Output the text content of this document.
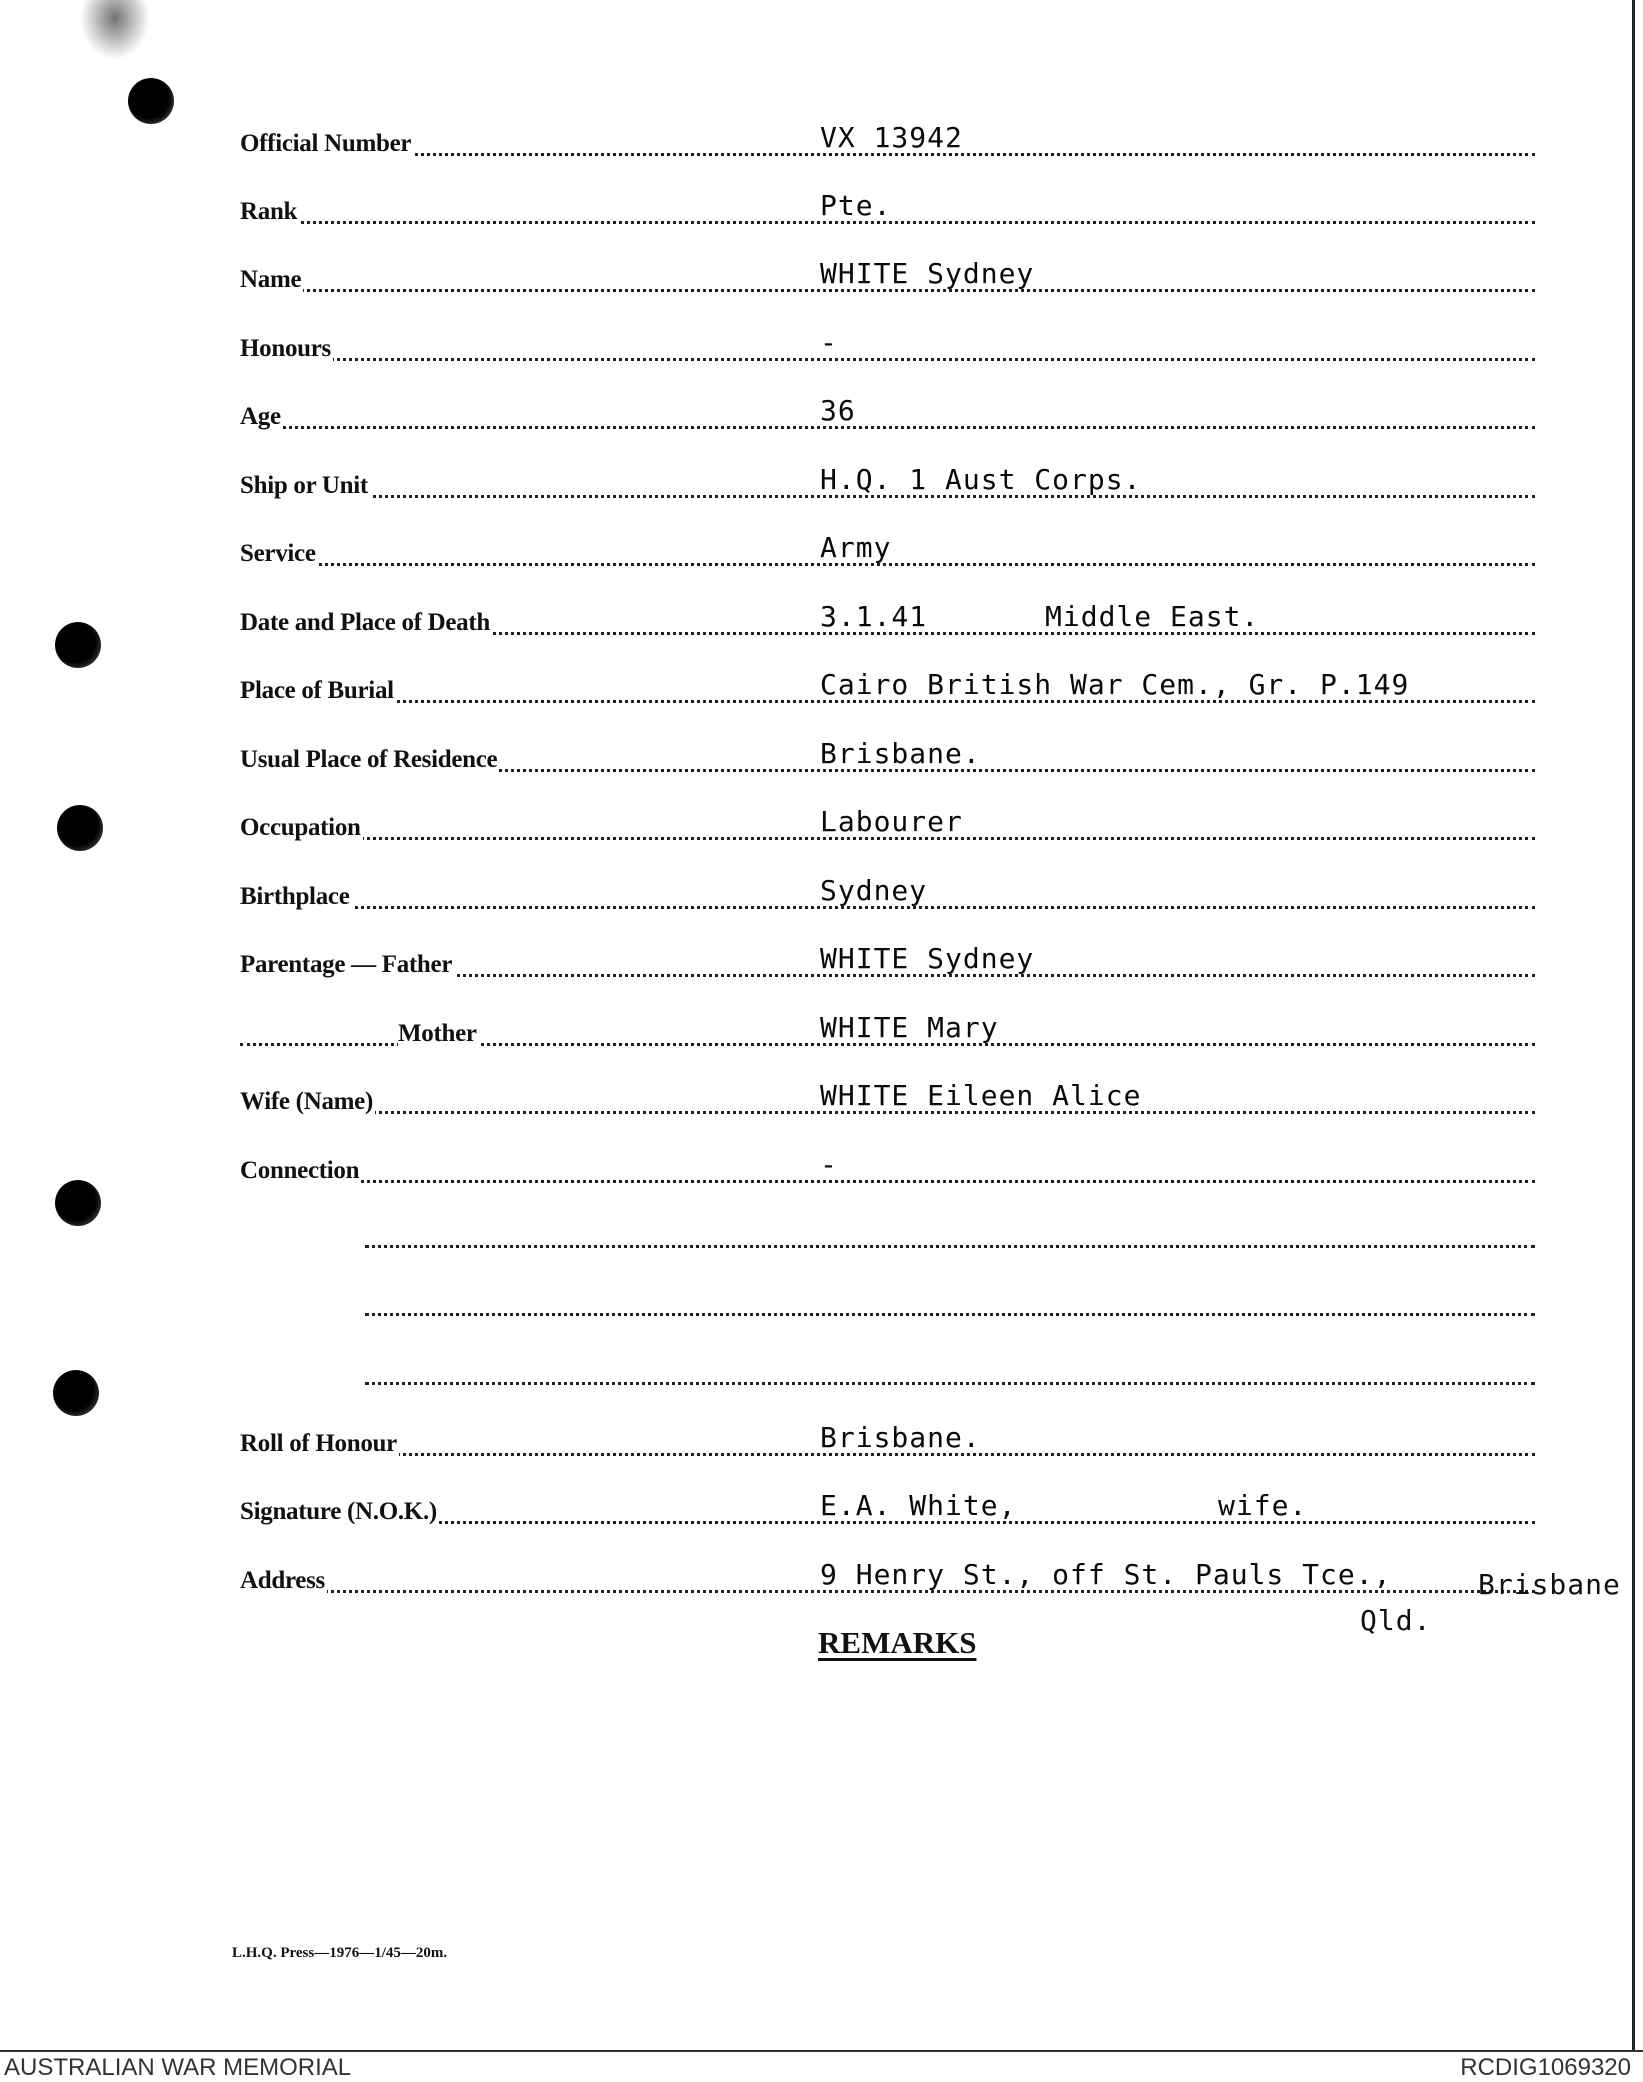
Official Number	VX 13942
Rank	Pte.
Name	WHITE Sydney
Honours	-
Age	36
Ship or Unit	H.Q. 1 Aust Corps.
Service	Army
Date and Place of Death	3.1.41	Middle East.
Place of Burial	Cairo British War Cem., Gr. P.149
Usual Place of Residence	Brisbane.
Occupation	Labourer
Birthplace	Sydney
Parentage — Father	WHITE Sydney
Mother	WHITE Mary
Wife (Name)	WHITE Eileen Alice
Connection	-
Roll of Honour	Brisbane.
Signature (N.O.K.)	E.A. White,	wife.
Address	9 Henry St., off St. Pauls Tce.,	Brisbane
Qld.
REMARKS
L.H.Q. Press—1976—1/45—20m.
AUSTRALIAN WAR MEMORIAL	RCDIG1069320
